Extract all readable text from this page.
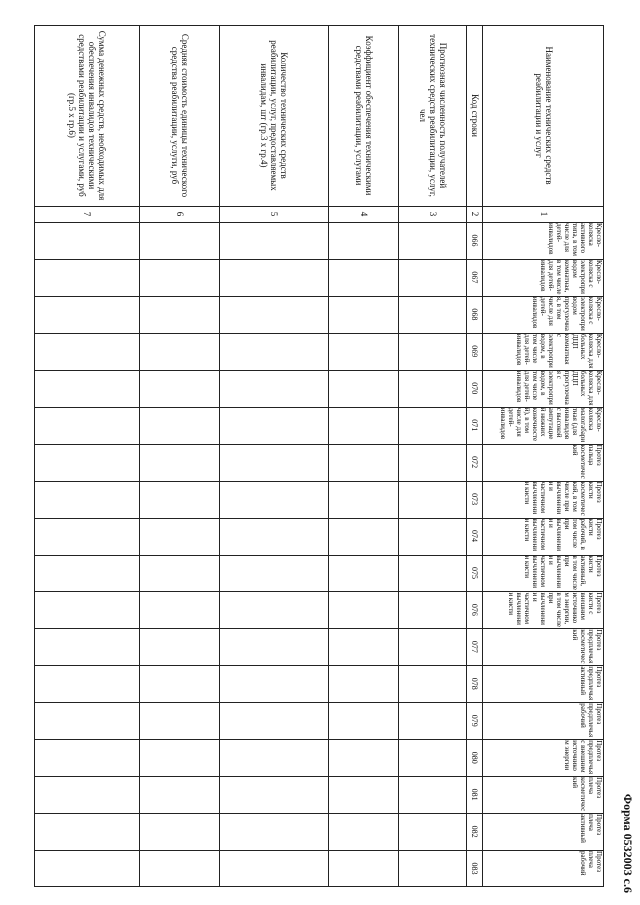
Форма 0532003 с.6
Наименование технических средств реабилитации и услуг
Код строки
Прогнозная численность получателей технических средств реабилитации, услуг, чел
Коэффициент обеспечения техническими средствами реабилитации, услугами
Количество технических средств реабилитации, услуг, предоставляемых инвалидам, шт (гр.3 х гр.4)
Средняя стоимость единицы технического средства реабилитации, услуги, руб
Сумма денежных средств, необходимых для обеспечения инвалидов техническими средствами реабилитации и услугами, руб (гр.5 х гр.6)
1
2
3
4
5
6
7
Кресло-коляска активного типа, в том числе для детей-инвалидов
066
Кресло-коляска с электроприводом комнатная, в том числе для детей-инвалидов
067
Кресло-коляска с электроприводом прогулочная, в том числе для детей-инвалидов
068
Кресло-коляска для больных ДЦП комнатная с электроприводом, в том числе для детей-инвалидов
069
Кресло-коляска для больных ДЦП прогулочная с электроприводом, в том числе для детей-инвалидов
070
Кресло-коляска малогабаритная (для инвалидов с высокой ампутацией нижних конечностей), в том числе для детей-инвалидов
071
Протез пальца косметический
072
Протез кисти косметический, в том числе при вычленении и частичном вычленении кисти
073
Протез кисти рабочий, в том числе при вычленении и частичном вычленении кисти
074
Протез кисти активный, в том числе при вычленении и частичном вычленении кисти
075
Протез кисти с внешним источником энергии, в том числе при вычленении и частичном вычленении кисти
076
Протез предплечья косметический
077
Протез предплечья активный
078
Протез предплечья рабочий
079
Протез предплечья с внешним источником энергии
080
Протез плеча косметический
081
Протез плеча активный
082
Протез плеча рабочий
083
